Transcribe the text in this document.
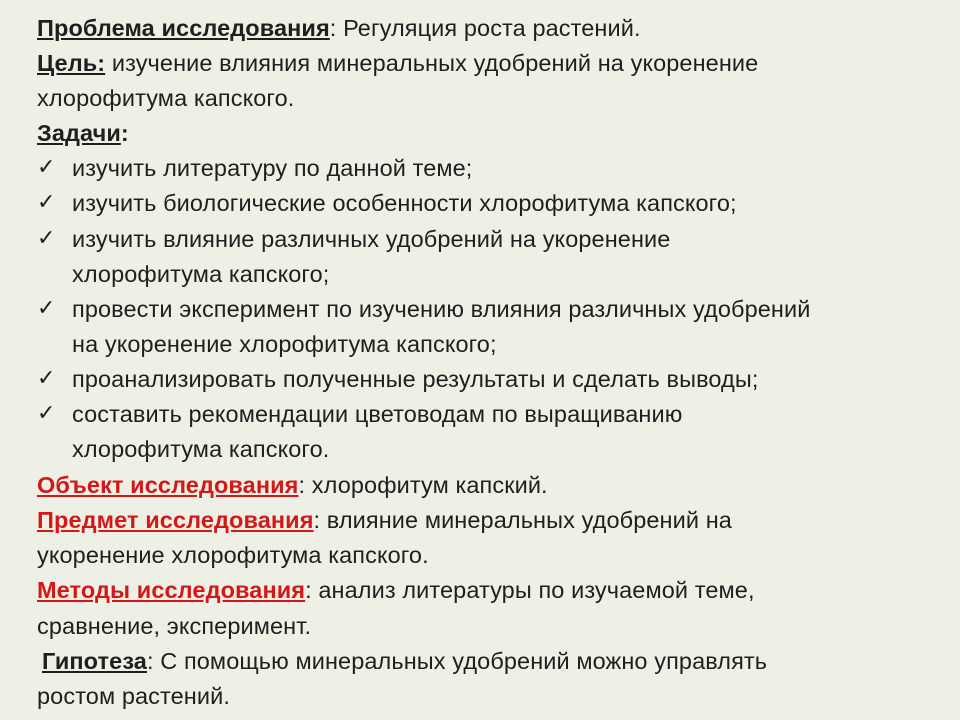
Проблема исследования: Регуляция роста растений.
Цель: изучение влияния минеральных удобрений на укоренение
хлорофитума капского.
Задачи:
✓ изучить литературу по данной теме;
✓ изучить биологические особенности хлорофитума капского;
✓ изучить влияние различных удобрений на укоренение
хлорофитума капского;
✓ провести эксперимент по изучению влияния различных удобрений
на укоренение хлорофитума капского;
✓ проанализировать полученные результаты и сделать выводы;
✓ составить рекомендации цветоводам по выращиванию
хлорофитума капского.
Объект исследования: хлорофитум капский.
Предмет исследования: влияние минеральных удобрений на
укоренение хлорофитума капского.
Методы исследования: анализ литературы по изучаемой теме,
сравнение, эксперимент.
Гипотеза: С помощью минеральных удобрений можно управлять
ростом растений.
